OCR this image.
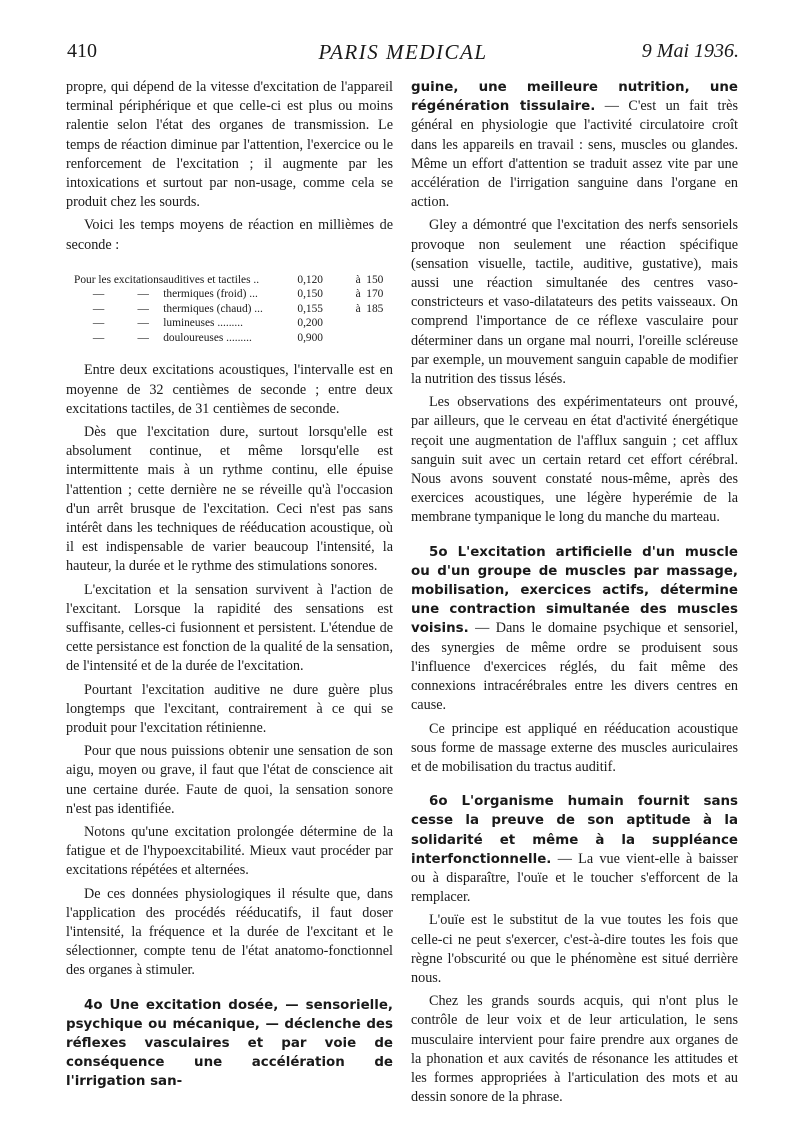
410	PARIS MEDICAL	9 Mai 1936.

propre, qui dépend de la vitesse d'excitation de l'appareil terminal périphérique et que celle-ci est plus ou moins ralentie selon l'état des organes de transmission. Le temps de réaction diminue par l'attention, l'exercice ou le renforcement de l'excitation ; il augmente par les intoxications et surtout par non-usage, comme cela se produit chez les sourds.

Voici les temps moyens de réaction en millièmes de seconde :

Pour les excitations		auditives et tactiles ..	0,120	à	150
—	—	thermiques (froid) ...	0,150	à	170
—	—	thermiques (chaud) ...	0,155	à	185
—	—	lumineuses .........	0,200		
—	—	douloureuses .........	0,900		

Entre deux excitations acoustiques, l'intervalle est en moyenne de 32 centièmes de seconde ; entre deux excitations tactiles, de 31 centièmes de seconde.

Dès que l'excitation dure, surtout lorsqu'elle est absolument continue, et même lorsqu'elle est intermittente mais à un rythme continu, elle épuise l'attention ; cette dernière ne se réveille qu'à l'occasion d'un arrêt brusque de l'excitation. Ceci n'est pas sans intérêt dans les techniques de rééducation acoustique, où il est indispensable de varier beaucoup l'intensité, la hauteur, la durée et le rythme des stimulations sonores.

L'excitation et la sensation survivent à l'action de l'excitant. Lorsque la rapidité des sensations est suffisante, celles-ci fusionnent et persistent. L'étendue de cette persistance est fonction de la qualité de la sensation, de l'intensité et de la durée de l'excitation.

Pourtant l'excitation auditive ne dure guère plus longtemps que l'excitant, contrairement à ce qui se produit pour l'excitation rétinienne.

Pour que nous puissions obtenir une sensation de son aigu, moyen ou grave, il faut que l'état de conscience ait une certaine durée. Faute de quoi, la sensation sonore n'est pas identifiée.

Notons qu'une excitation prolongée détermine de la fatigue et de l'hypoexcitabilité. Mieux vaut procéder par excitations répétées et alternées.

De ces données physiologiques il résulte que, dans l'application des procédés rééducatifs, il faut doser l'intensité, la fréquence et la durée de l'excitant et le sélectionner, compte tenu de l'état anatomo-fonctionnel des organes à stimuler.

4o Une excitation dosée, — sensorielle, psychique ou mécanique, — déclenche des réflexes vasculaires et par voie de conséquence une accélération de l'irrigation san-

guine, une meilleure nutrition, une régénération tissulaire. — C'est un fait très général en physiologie que l'activité circulatoire croît dans les appareils en travail : sens, muscles ou glandes. Même un effort d'attention se traduit assez vite par une accélération de l'irrigation sanguine dans l'organe en action.

Gley a démontré que l'excitation des nerfs sensoriels provoque non seulement une réaction spécifique (sensation visuelle, tactile, auditive, gustative), mais aussi une réaction simultanée des centres vaso-constricteurs et vaso-dilatateurs des petits vaisseaux. On comprend l'importance de ce réflexe vasculaire pour déterminer dans un organe mal nourri, l'oreille scléreuse par exemple, un mouvement sanguin capable de modifier la nutrition des tissus lésés.

Les observations des expérimentateurs ont prouvé, par ailleurs, que le cerveau en état d'activité énergétique reçoit une augmentation de l'afflux sanguin ; cet afflux sanguin suit avec un certain retard cet effort cérébral. Nous avons souvent constaté nous-même, après des exercices acoustiques, une légère hyperémie de la membrane tympanique le long du manche du marteau.

5o L'excitation artificielle d'un muscle ou d'un groupe de muscles par massage, mobilisation, exercices actifs, détermine une contraction simultanée des muscles voisins. — Dans le domaine psychique et sensoriel, des synergies de même ordre se produisent sous l'influence d'exercices réglés, du fait même des connexions intracérébrales entre les divers centres en cause.

Ce principe est appliqué en rééducation acoustique sous forme de massage externe des muscles auriculaires et de mobilisation du tractus auditif.

6o L'organisme humain fournit sans cesse la preuve de son aptitude à la solidarité et même à la suppléance interfonctionnelle. — La vue vient-elle à baisser ou à disparaître, l'ouïe et le toucher s'efforcent de la remplacer.

L'ouïe est le substitut de la vue toutes les fois que celle-ci ne peut s'exercer, c'est-à-dire toutes les fois que règne l'obscurité ou que le phénomène est situé derrière nous.

Chez les grands sourds acquis, qui n'ont plus le contrôle de leur voix et de leur articulation, le sens musculaire intervient pour faire prendre aux organes de la phonation et aux cavités de résonance les attitudes et les formes appropriées à l'articulation des mots et au dessin sonore de la phrase.
